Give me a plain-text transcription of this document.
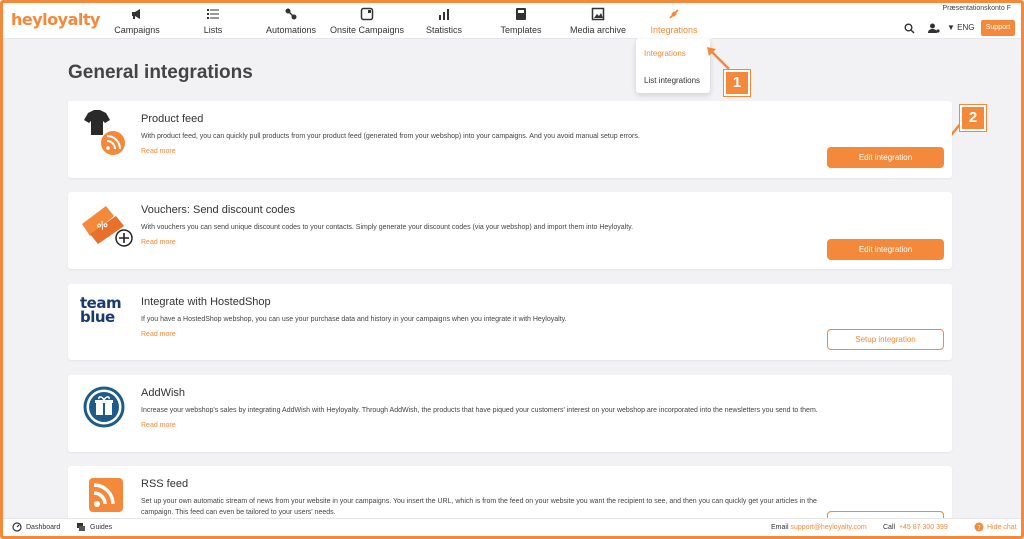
heyloyalty
Campaigns	Lists	Automations	Onsite Campaigns	Statistics	Templates	Media archive	Integrations
Præsentationskonto F
▼ ENG	Support
Integrations
List integrations	1
2
General integrations
Product feed
With product feed, you can quickly pull products from your product feed (generated from your webshop) into your campaigns. And you avoid manual setup errors.
Read more
Edit integration
%
Vouchers: Send discount codes
With vouchers you can send unique discount codes to your contacts. Simply generate your discount codes (via your webshop) and import them into Heyloyalty.
Read more
Edit integration
team
blue
Integrate with HostedShop
If you have a HostedShop webshop, you can use your purchase data and history in your campaigns when you integrate it with Heyloyalty.
Read more
Setup integration
AddWish
Increase your webshop's sales by integrating AddWish with Heyloyalty. Through AddWish, the products that have piqued your customers' interest on your webshop are incorporated into the newsletters you send to them.
Read more
RSS feed
Set up your own automatic stream of news from your website in your campaigns. You insert the URL, which is from the feed on your website you want the recipient to see, and then you can quickly get your articles in the campaign. This feed can even be tailored to your users' needs.
Dashboard	Guides	Email support@heyloyalty.com Call +45 87 300 399	? Hide chat
